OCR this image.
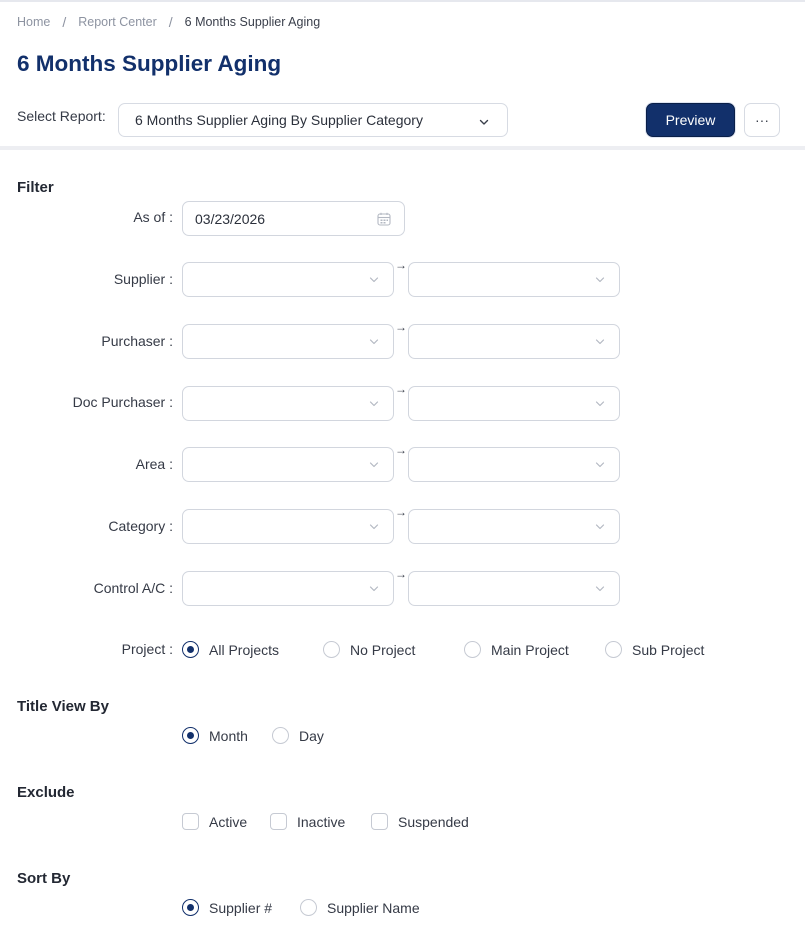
Home / Report Center / 6 Months Supplier Aging
6 Months Supplier Aging
Select Report: 6 Months Supplier Aging By Supplier Category	Preview	···
Filter
As of : 03/23/2026
Supplier :
→
Purchaser :
→
Doc Purchaser :
→
Area :
→
Category :
→
Control A/C :
→
Project :	All Projects	No Project	Main Project	Sub Project
Title View By
Month	Day
Exclude
Active	Inactive	Suspended
Sort By
Supplier #	Supplier Name
